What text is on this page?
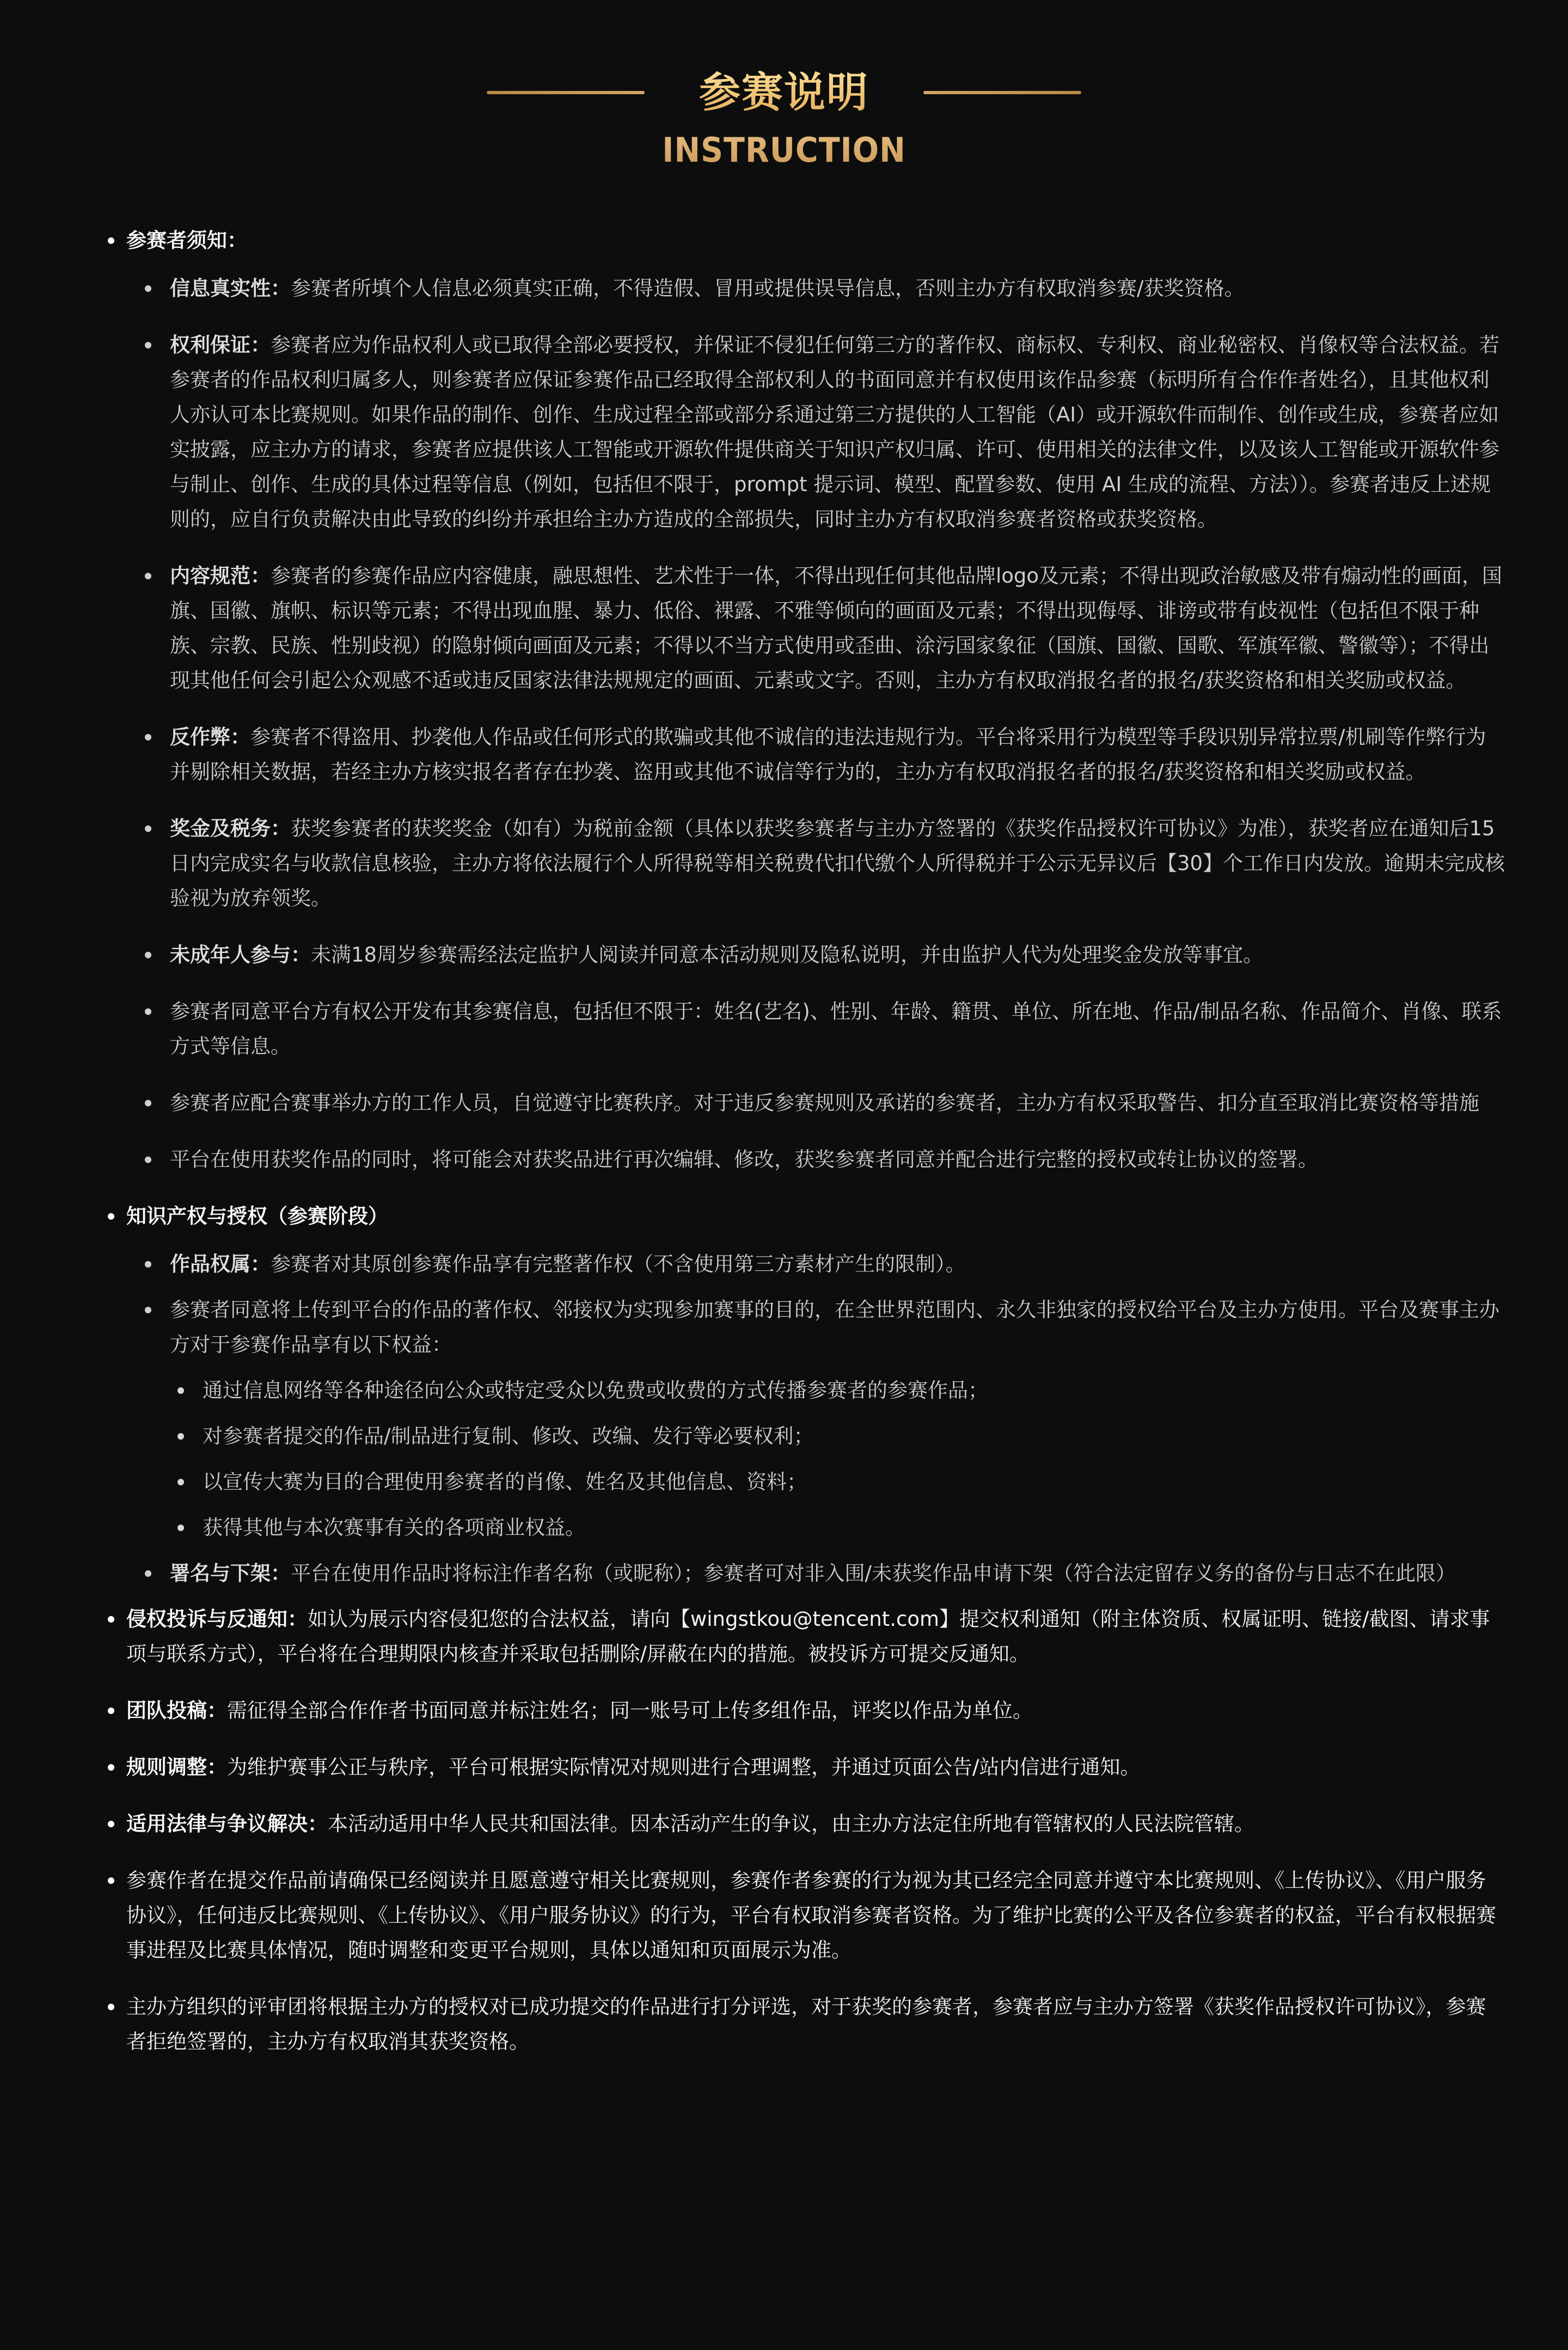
参赛说明
INSTRUCTION
参赛者须知：
信息真实性：参赛者所填个人信息必须真实正确，不得造假、冒用或提供误导信息，否则主办方有权取消参赛/获奖资格。
权利保证：参赛者应为作品权利人或已取得全部必要授权，并保证不侵犯任何第三方的著作权、商标权、专利权、商业秘密权、肖像权等合法权益。若参赛者的作品权利归属多人，则参赛者应保证参赛作品已经取得全部权利人的书面同意并有权使用该作品参赛（标明所有合作作者姓名），且其他权利人亦认可本比赛规则。如果作品的制作、创作、生成过程全部或部分系通过第三方提供的人工智能（AI）或开源软件而制作、创作或生成，参赛者应如实披露，应主办方的请求，参赛者应提供该人工智能或开源软件提供商关于知识产权归属、许可、使用相关的法律文件，以及该人工智能或开源软件参与制止、创作、生成的具体过程等信息（例如，包括但不限于，prompt 提示词、模型、配置参数、使用 AI 生成的流程、方法））。参赛者违反上述规则的，应自行负责解决由此导致的纠纷并承担给主办方造成的全部损失，同时主办方有权取消参赛者资格或获奖资格。
内容规范：参赛者的参赛作品应内容健康，融思想性、艺术性于一体，不得出现任何其他品牌logo及元素；不得出现政治敏感及带有煽动性的画面，国旗、国徽、旗帜、标识等元素；不得出现血腥、暴力、低俗、裸露、不雅等倾向的画面及元素；不得出现侮辱、诽谤或带有歧视性（包括但不限于种族、宗教、民族、性别歧视）的隐射倾向画面及元素；不得以不当方式使用或歪曲、涂污国家象征（国旗、国徽、国歌、军旗军徽、警徽等）；不得出现其他任何会引起公众观感不适或违反国家法律法规规定的画面、元素或文字。否则，主办方有权取消报名者的报名/获奖资格和相关奖励或权益。
反作弊：参赛者不得盗用、抄袭他人作品或任何形式的欺骗或其他不诚信的违法违规行为。平台将采用行为模型等手段识别异常拉票/机刷等作弊行为并剔除相关数据，若经主办方核实报名者存在抄袭、盗用或其他不诚信等行为的，主办方有权取消报名者的报名/获奖资格和相关奖励或权益。
奖金及税务：获奖参赛者的获奖奖金（如有）为税前金额（具体以获奖参赛者与主办方签署的《获奖作品授权许可协议》为准），获奖者应在通知后15日内完成实名与收款信息核验，主办方将依法履行个人所得税等相关税费代扣代缴个人所得税并于公示无异议后【30】个工作日内发放。逾期未完成核验视为放弃领奖。
未成年人参与：未满18周岁参赛需经法定监护人阅读并同意本活动规则及隐私说明，并由监护人代为处理奖金发放等事宜。
参赛者同意平台方有权公开发布其参赛信息，包括但不限于：姓名(艺名)、性别、年龄、籍贯、单位、所在地、作品/制品名称、作品简介、肖像、联系方式等信息。
参赛者应配合赛事举办方的工作人员，自觉遵守比赛秩序。对于违反参赛规则及承诺的参赛者，主办方有权采取警告、扣分直至取消比赛资格等措施
平台在使用获奖作品的同时，将可能会对获奖品进行再次编辑、修改，获奖参赛者同意并配合进行完整的授权或转让协议的签署。
知识产权与授权（参赛阶段）
作品权属：参赛者对其原创参赛作品享有完整著作权（不含使用第三方素材产生的限制）。
参赛者同意将上传到平台的作品的著作权、邻接权为实现参加赛事的目的，在全世界范围内、永久非独家的授权给平台及主办方使用。平台及赛事主办方对于参赛作品享有以下权益：
通过信息网络等各种途径向公众或特定受众以免费或收费的方式传播参赛者的参赛作品；
对参赛者提交的作品/制品进行复制、修改、改编、发行等必要权利；
以宣传大赛为目的合理使用参赛者的肖像、姓名及其他信息、资料；
获得其他与本次赛事有关的各项商业权益。
署名与下架：平台在使用作品时将标注作者名称（或昵称）；参赛者可对非入围/未获奖作品申请下架（符合法定留存义务的备份与日志不在此限）
侵权投诉与反通知：如认为展示内容侵犯您的合法权益，请向【wingstkou@tencent.com】提交权利通知（附主体资质、权属证明、链接/截图、请求事项与联系方式），平台将在合理期限内核查并采取包括删除/屏蔽在内的措施。被投诉方可提交反通知。
团队投稿：需征得全部合作作者书面同意并标注姓名；同一账号可上传多组作品，评奖以作品为单位。
规则调整：为维护赛事公正与秩序，平台可根据实际情况对规则进行合理调整，并通过页面公告/站内信进行通知。
适用法律与争议解决：本活动适用中华人民共和国法律。因本活动产生的争议，由主办方法定住所地有管辖权的人民法院管辖。
参赛作者在提交作品前请确保已经阅读并且愿意遵守相关比赛规则，参赛作者参赛的行为视为其已经完全同意并遵守本比赛规则、《上传协议》、《用户服务协议》，任何违反比赛规则、《上传协议》、《用户服务协议》的行为，平台有权取消参赛者资格。为了维护比赛的公平及各位参赛者的权益，平台有权根据赛事进程及比赛具体情况，随时调整和变更平台规则，具体以通知和页面展示为准。
主办方组织的评审团将根据主办方的授权对已成功提交的作品进行打分评选，对于获奖的参赛者，参赛者应与主办方签署《获奖作品授权许可协议》，参赛者拒绝签署的，主办方有权取消其获奖资格。
